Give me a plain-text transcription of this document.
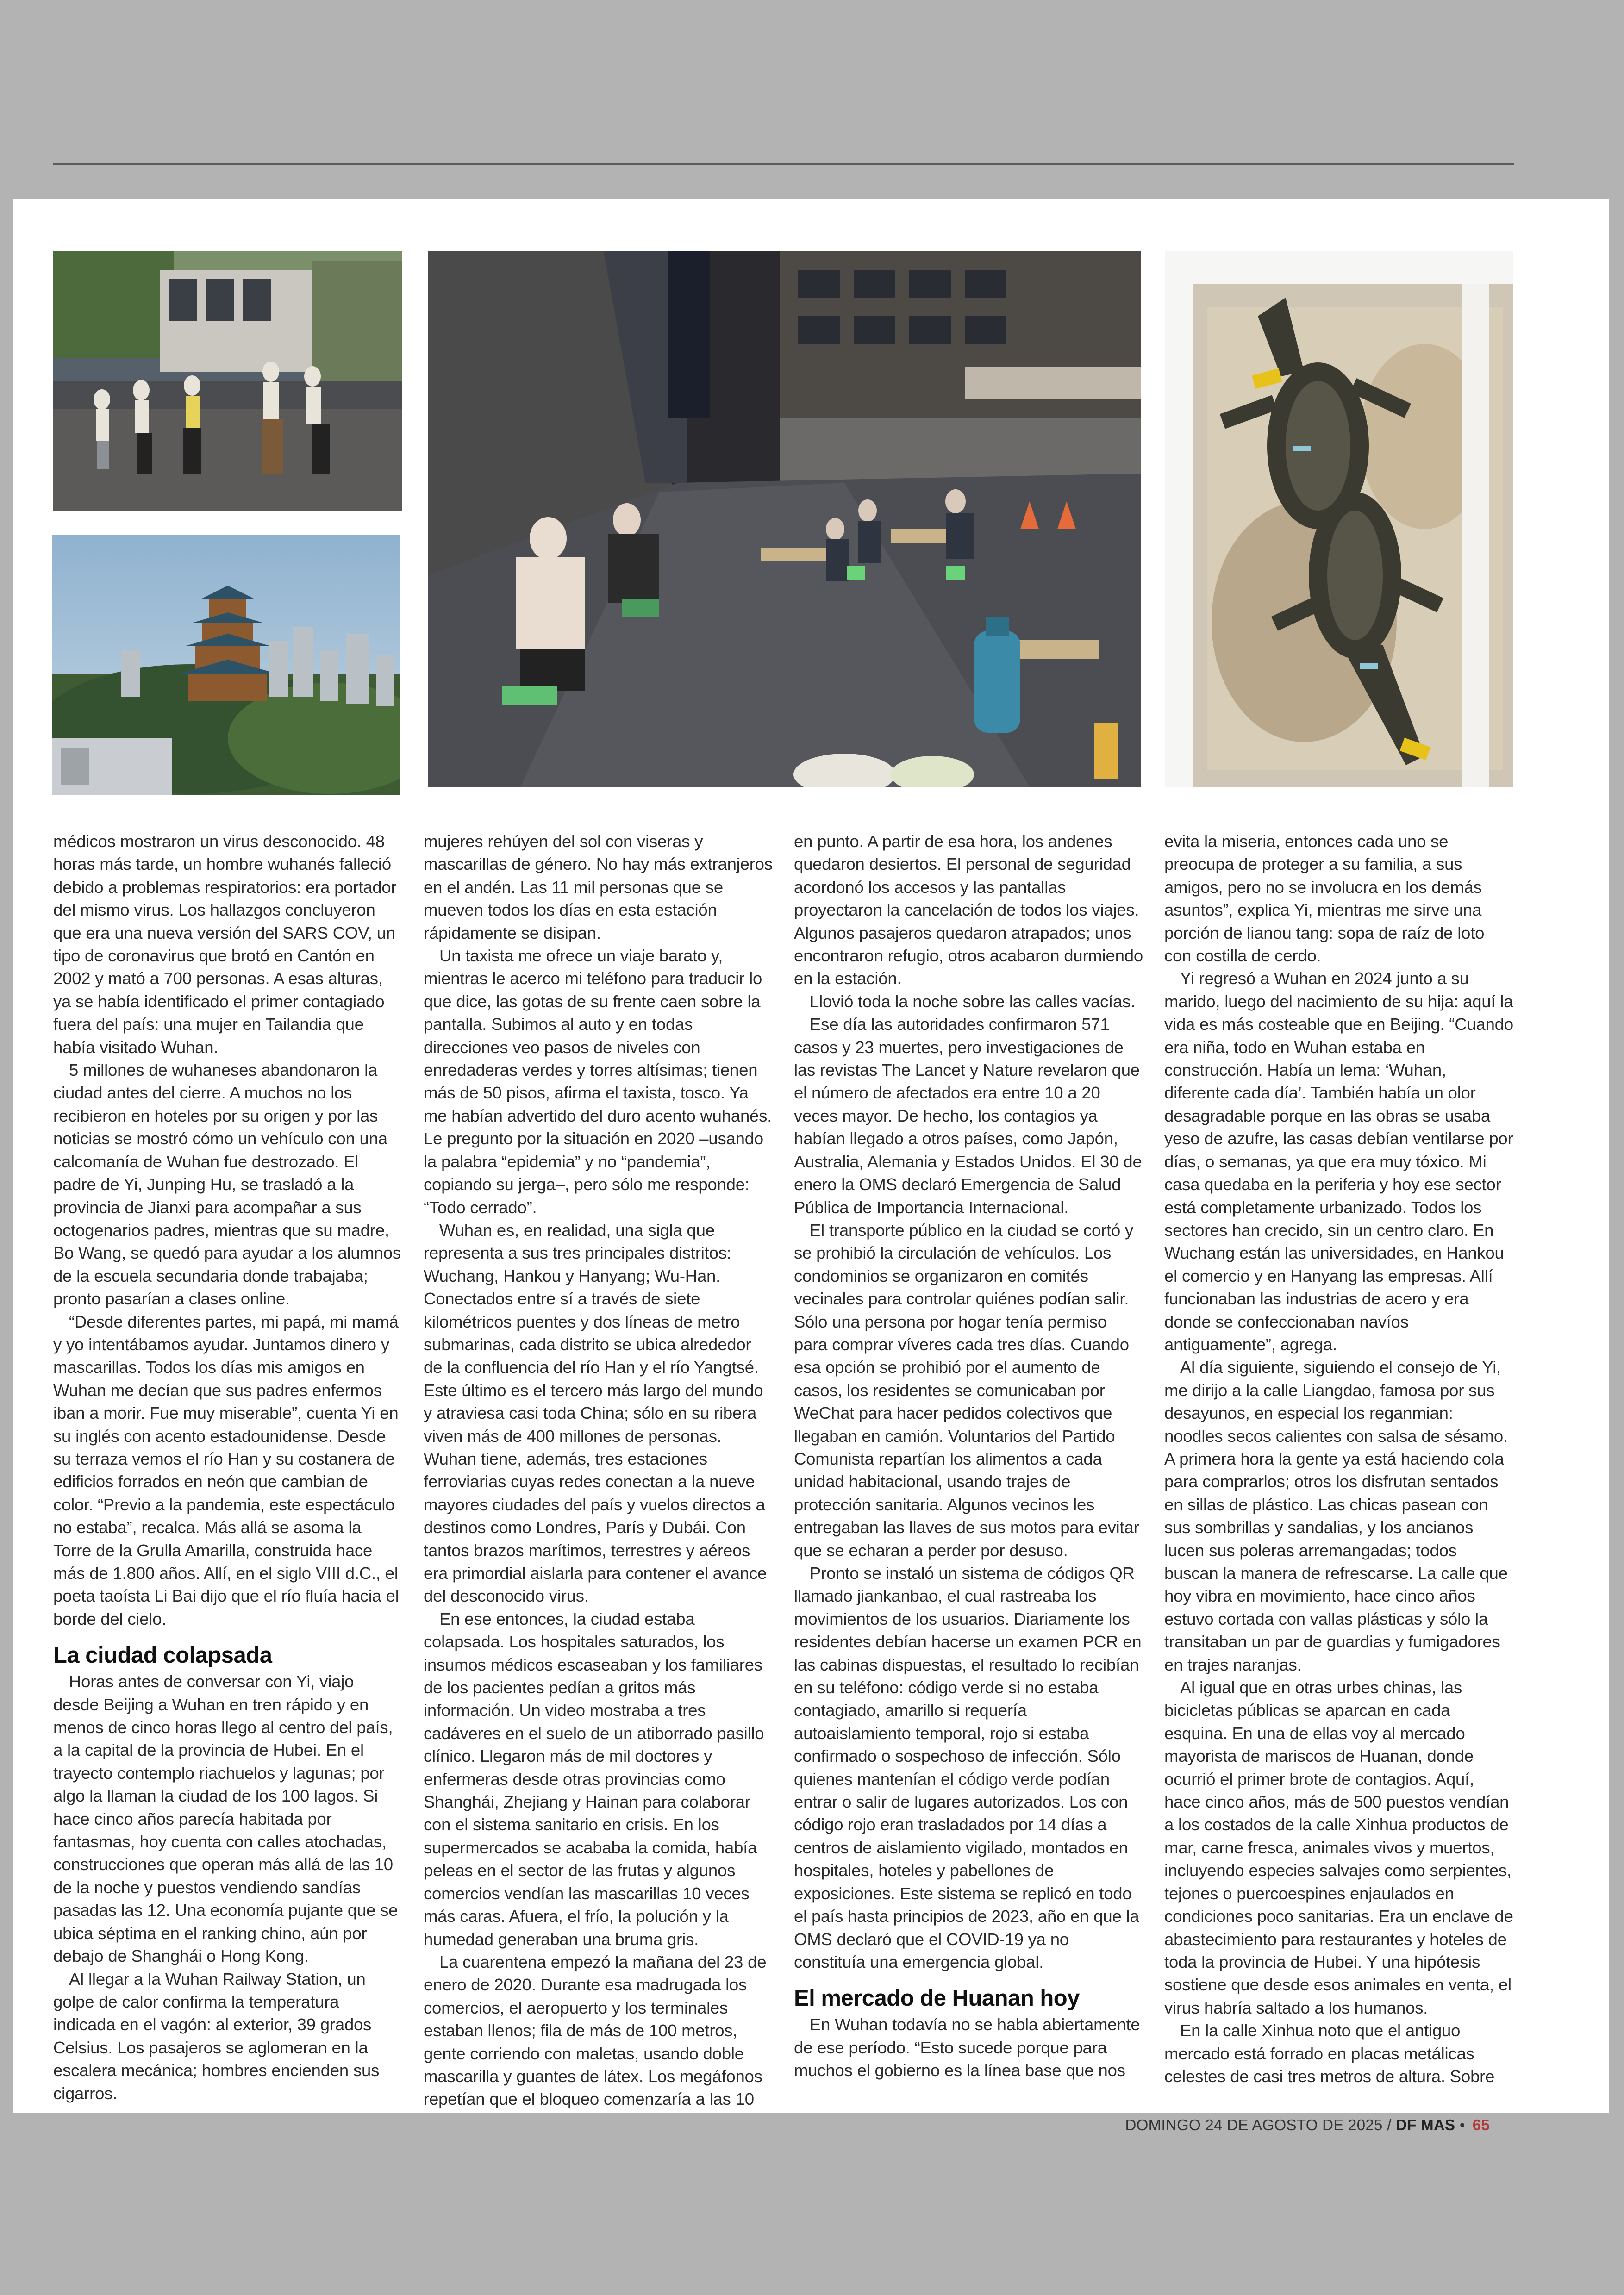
médicos mostraron un virus desconocido. 48 horas más tarde, un hombre wuhanés falleció debido a problemas respiratorios: era portador del mismo virus. Los hallazgos concluyeron que era una nueva versión del SARS COV, un tipo de coronavirus que brotó en Cantón en 2002 y mató a 700 personas. A esas alturas, ya se había identificado el primer contagiado fuera del país: una mujer en Tailandia que había visitado Wuhan.

5 millones de wuhaneses abandonaron la ciudad antes del cierre. A muchos no los recibieron en hoteles por su origen y por las noticias se mostró cómo un vehículo con una calcomanía de Wuhan fue destrozado. El padre de Yi, Junping Hu, se trasladó a la provincia de Jianxi para acompañar a sus octogenarios padres, mientras que su madre, Bo Wang, se quedó para ayudar a los alumnos de la escuela secundaria donde trabajaba; pronto pasarían a clases online.

“Desde diferentes partes, mi papá, mi mamá y yo intentábamos ayudar. Juntamos dinero y mascarillas. Todos los días mis amigos en Wuhan me decían que sus padres enfermos iban a morir. Fue muy miserable”, cuenta Yi en su inglés con acento estadounidense. Desde su terraza vemos el río Han y su costanera de edificios forrados en neón que cambian de color. “Previo a la pandemia, este espectáculo no estaba”, recalca. Más allá se asoma la Torre de la Grulla Amarilla, construida hace más de 1.800 años. Allí, en el siglo VIII d.C., el poeta taoísta Li Bai dijo que el río fluía hacia el borde del cielo.

La ciudad colapsada

Horas antes de conversar con Yi, viajo desde Beijing a Wuhan en tren rápido y en menos de cinco horas llego al centro del país, a la capital de la provincia de Hubei. En el trayecto contemplo riachuelos y lagunas; por algo la llaman la ciudad de los 100 lagos. Si hace cinco años parecía habitada por fantasmas, hoy cuenta con calles atochadas, construcciones que operan más allá de las 10 de la noche y puestos vendiendo sandías pasadas las 12. Una economía pujante que se ubica séptima en el ranking chino, aún por debajo de Shanghái o Hong Kong.

Al llegar a la Wuhan Railway Station, un golpe de calor confirma la temperatura indicada en el vagón: al exterior, 39 grados Celsius. Los pasajeros se aglomeran en la escalera mecánica; hombres encienden sus cigarros.

mujeres rehúyen del sol con viseras y mascarillas de género. No hay más extranjeros en el andén. Las 11 mil personas que se mueven todos los días en esta estación rápidamente se disipan.

Un taxista me ofrece un viaje barato y, mientras le acerco mi teléfono para traducir lo que dice, las gotas de su frente caen sobre la pantalla. Subimos al auto y en todas direcciones veo pasos de niveles con enredaderas verdes y torres altísimas; tienen más de 50 pisos, afirma el taxista, tosco. Ya me habían advertido del duro acento wuhanés. Le pregunto por la situación en 2020 –usando la palabra “epidemia” y no “pandemia”, copiando su jerga–, pero sólo me responde: “Todo cerrado”.

Wuhan es, en realidad, una sigla que representa a sus tres principales distritos: Wuchang, Hankou y Hanyang; Wu-Han. Conectados entre sí a través de siete kilométricos puentes y dos líneas de metro submarinas, cada distrito se ubica alrededor de la confluencia del río Han y el río Yangtsé. Este último es el tercero más largo del mundo y atraviesa casi toda China; sólo en su ribera viven más de 400 millones de personas. Wuhan tiene, además, tres estaciones ferroviarias cuyas redes conectan a la nueve mayores ciudades del país y vuelos directos a destinos como Londres, París y Dubái. Con tantos brazos marítimos, terrestres y aéreos era primordial aislarla para contener el avance del desconocido virus.

En ese entonces, la ciudad estaba colapsada. Los hospitales saturados, los insumos médicos escaseaban y los familiares de los pacientes pedían a gritos más información. Un video mostraba a tres cadáveres en el suelo de un atiborrado pasillo clínico. Llegaron más de mil doctores y enfermeras desde otras provincias como Shanghái, Zhejiang y Hainan para colaborar con el sistema sanitario en crisis. En los supermercados se acababa la comida, había peleas en el sector de las frutas y algunos comercios vendían las mascarillas 10 veces más caras. Afuera, el frío, la polución y la humedad generaban una bruma gris.

La cuarentena empezó la mañana del 23 de enero de 2020. Durante esa madrugada los comercios, el aeropuerto y los terminales estaban llenos; fila de más de 100 metros, gente corriendo con maletas, usando doble mascarilla y guantes de látex. Los megáfonos repetían que el bloqueo comenzaría a las 10

en punto. A partir de esa hora, los andenes quedaron desiertos. El personal de seguridad acordonó los accesos y las pantallas proyectaron la cancelación de todos los viajes. Algunos pasajeros quedaron atrapados; unos encontraron refugio, otros acabaron durmiendo en la estación.

Llovió toda la noche sobre las calles vacías.

Ese día las autoridades confirmaron 571 casos y 23 muertes, pero investigaciones de las revistas The Lancet y Nature revelaron que el número de afectados era entre 10 a 20 veces mayor. De hecho, los contagios ya habían llegado a otros países, como Japón, Australia, Alemania y Estados Unidos. El 30 de enero la OMS declaró Emergencia de Salud Pública de Importancia Internacional.

El transporte público en la ciudad se cortó y se prohibió la circulación de vehículos. Los condominios se organizaron en comités vecinales para controlar quiénes podían salir. Sólo una persona por hogar tenía permiso para comprar víveres cada tres días. Cuando esa opción se prohibió por el aumento de casos, los residentes se comunicaban por WeChat para hacer pedidos colectivos que llegaban en camión. Voluntarios del Partido Comunista repartían los alimentos a cada unidad habitacional, usando trajes de protección sanitaria. Algunos vecinos les entregaban las llaves de sus motos para evitar que se echaran a perder por desuso.

Pronto se instaló un sistema de códigos QR llamado jiankanbao, el cual rastreaba los movimientos de los usuarios. Diariamente los residentes debían hacerse un examen PCR en las cabinas dispuestas, el resultado lo recibían en su teléfono: código verde si no estaba contagiado, amarillo si requería autoaislamiento temporal, rojo si estaba confirmado o sospechoso de infección. Sólo quienes mantenían el código verde podían entrar o salir de lugares autorizados. Los con código rojo eran trasladados por 14 días a centros de aislamiento vigilado, montados en hospitales, hoteles y pabellones de exposiciones. Este sistema se replicó en todo el país hasta principios de 2023, año en que la OMS declaró que el COVID-19 ya no constituía una emergencia global.

El mercado de Huanan hoy

En Wuhan todavía no se habla abiertamente de ese período. “Esto sucede porque para muchos el gobierno es la línea base que nos

evita la miseria, entonces cada uno se preocupa de proteger a su familia, a sus amigos, pero no se involucra en los demás asuntos”, explica Yi, mientras me sirve una porción de lianou tang: sopa de raíz de loto con costilla de cerdo.

Yi regresó a Wuhan en 2024 junto a su marido, luego del nacimiento de su hija: aquí la vida es más costeable que en Beijing. “Cuando era niña, todo en Wuhan estaba en construcción. Había un lema: ‘Wuhan, diferente cada día’. También había un olor desagradable porque en las obras se usaba yeso de azufre, las casas debían ventilarse por días, o semanas, ya que era muy tóxico. Mi casa quedaba en la periferia y hoy ese sector está completamente urbanizado. Todos los sectores han crecido, sin un centro claro. En Wuchang están las universidades, en Hankou el comercio y en Hanyang las empresas. Allí funcionaban las industrias de acero y era donde se confeccionaban navíos antiguamente”, agrega.

Al día siguiente, siguiendo el consejo de Yi, me dirijo a la calle Liangdao, famosa por sus desayunos, en especial los reganmian: noodles secos calientes con salsa de sésamo. A primera hora la gente ya está haciendo cola para comprarlos; otros los disfrutan sentados en sillas de plástico. Las chicas pasean con sus sombrillas y sandalias, y los ancianos lucen sus poleras arremangadas; todos buscan la manera de refrescarse. La calle que hoy vibra en movimiento, hace cinco años estuvo cortada con vallas plásticas y sólo la transitaban un par de guardias y fumigadores en trajes naranjas.

Al igual que en otras urbes chinas, las bicicletas públicas se aparcan en cada esquina. En una de ellas voy al mercado mayorista de mariscos de Huanan, donde ocurrió el primer brote de contagios. Aquí, hace cinco años, más de 500 puestos vendían a los costados de la calle Xinhua productos de mar, carne fresca, animales vivos y muertos, incluyendo especies salvajes como serpientes, tejones o puercoespines enjaulados en condiciones poco sanitarias. Era un enclave de abastecimiento para restaurantes y hoteles de toda la provincia de Hubei. Y una hipótesis sostiene que desde esos animales en venta, el virus habría saltado a los humanos.

En la calle Xinhua noto que el antiguo mercado está forrado en placas metálicas celestes de casi tres metros de altura. Sobre

DOMINGO 24 DE AGOSTO DE 2025 / DF MAS • 65
